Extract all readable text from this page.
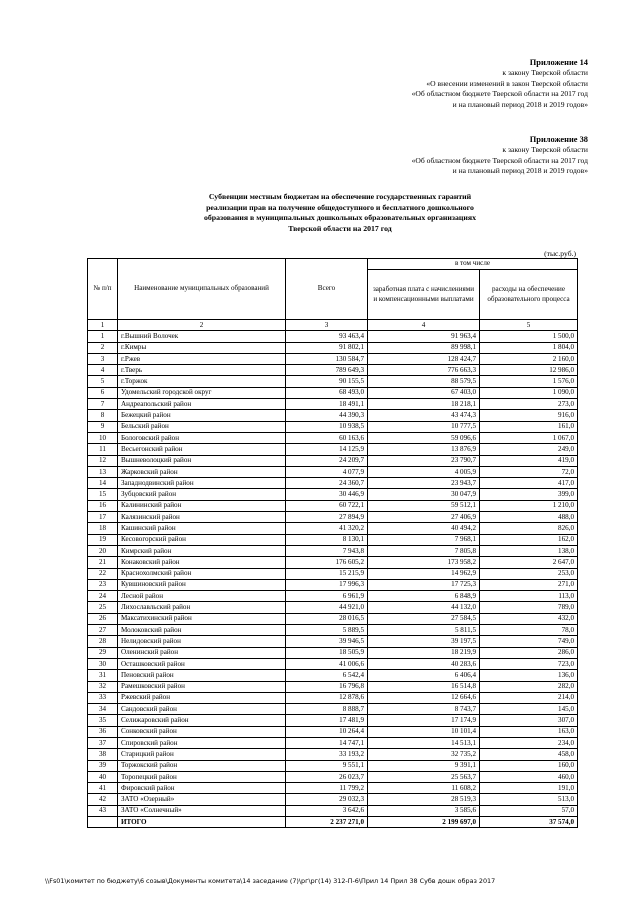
Приложение 14
к закону Тверской области
«О внесении изменений в закон Тверской области
«Об областном бюджете Тверской области на 2017 год
и на плановый период 2018 и 2019 годов»
Приложение 38
к закону Тверской области
«Об областном бюджете Тверской области на 2017 год
и на плановый период 2018 и 2019 годов»
Субвенции местным бюджетам на обеспечение государственных гарантий
реализации прав на получение общедоступного и бесплатного дошкольного
образования в муниципальных дошкольных образовательных организациях
Тверской области на 2017 год
(тыс.руб.)
№ п/п	Наименование муниципальных образований	Всего	в том числе	
			заработная плата с начислениями и компенсационными выплатами	расходы на обеспечение образовательного процесса
1	2	3	4	5
1	г.Вышний Волочек	93 463,4	91 963,4	1 500,0
2	г.Кимры	91 802,1	89 998,1	1 804,0
3	г.Ржев	130 584,7	128 424,7	2 160,0
4	г.Тверь	789 649,3	776 663,3	12 986,0
5	г.Торжок	90 155,5	88 579,5	1 576,0
6	Удомельский городской округ	68 493,0	67 403,0	1 090,0
7	Андреапольский район	18 491,1	18 218,1	273,0
8	Бежецкий район	44 390,3	43 474,3	916,0
9	Бельский район	10 938,5	10 777,5	161,0
10	Бологовский район	60 163,6	59 096,6	1 067,0
11	Весьегонский район	14 125,9	13 876,9	249,0
12	Вышневолоцкий район	24 209,7	23 790,7	419,0
13	Жарковский район	4 077,9	4 005,9	72,0
14	Западнодвинский район	24 360,7	23 943,7	417,0
15	Зубцовский район	30 446,9	30 047,9	399,0
16	Калининский район	60 722,1	59 512,1	1 210,0
17	Калязинский район	27 894,9	27 406,9	488,0
18	Кашинский район	41 320,2	40 494,2	826,0
19	Кесовогорский район	8 130,1	7 968,1	162,0
20	Кимрский район	7 943,8	7 805,8	138,0
21	Конаковский район	176 605,2	173 958,2	2 647,0
22	Краснохолмский район	15 215,9	14 962,9	253,0
23	Кувшиновский район	17 996,3	17 725,3	271,0
24	Лесной район	6 961,9	6 848,9	113,0
25	Лихославльский район	44 921,0	44 132,0	789,0
26	Максатихинский район	28 016,5	27 584,5	432,0
27	Молоковский район	5 889,5	5 811,5	78,0
28	Нелидовский район	39 946,5	39 197,5	749,0
29	Оленинский район	18 505,9	18 219,9	286,0
30	Осташковский район	41 006,6	40 283,6	723,0
31	Пеновский район	6 542,4	6 406,4	136,0
32	Рамешковский район	16 796,8	16 514,8	282,0
33	Ржевский район	12 878,6	12 664,6	214,0
34	Сандовский район	8 888,7	8 743,7	145,0
35	Селижаровский район	17 481,9	17 174,9	307,0
36	Сонковский район	10 264,4	10 101,4	163,0
37	Спировский район	14 747,1	14 513,1	234,0
38	Старицкий район	33 193,2	32 735,2	458,0
39	Торжокский район	9 551,1	9 391,1	160,0
40	Торопецкий район	26 023,7	25 563,7	460,0
41	Фировский район	11 799,2	11 608,2	191,0
42	ЗАТО «Озерный»	29 032,3	28 519,3	513,0
43	ЗАТО «Солнечный»	3 642,6	3 585,6	57,0
	ИТОГО	2 237 271,0	2 199 697,0	37 574,0
\\Fs01\комитет по бюджету\6 созыв\Документы комитета\14 заседание (7)\рг\рг(14) 312-П-6\Прил 14 Прил 38 Субв дошк образ 2017
